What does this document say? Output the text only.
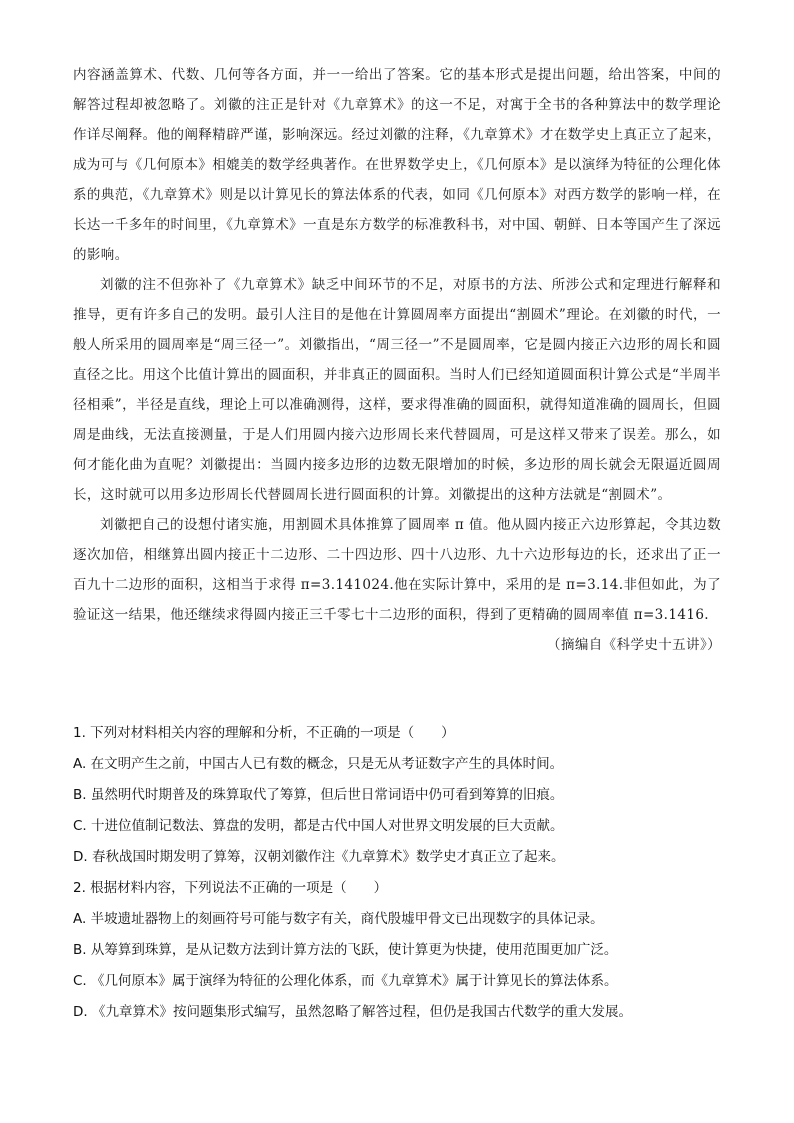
内容涵盖算术、代数、几何等各方面，并一一给出了答案。它的基本形式是提出问题，给出答案，中间的解答过程却被忽略了。刘徽的注正是针对《九章算术》的这一不足，对寓于全书的各种算法中的数学理论作详尽阐释。他的阐释精辟严谨，影响深远。经过刘徽的注释，《九章算术》才在数学史上真正立了起来，成为可与《几何原本》相媲美的数学经典著作。在世界数学史上，《几何原本》是以演绎为特征的公理化体系的典范，《九章算术》则是以计算见长的算法体系的代表，如同《几何原本》对西方数学的影响一样，在长达一千多年的时间里，《九章算术》一直是东方数学的标准教科书，对中国、朝鲜、日本等国产生了深远的影响。

刘徽的注不但弥补了《九章算术》缺乏中间环节的不足，对原书的方法、所涉公式和定理进行解释和推导，更有许多自己的发明。最引人注目的是他在计算圆周率方面提出“割圆术”理论。在刘徽的时代，一般人所采用的圆周率是“周三径一”。刘徽指出，“周三径一”不是圆周率，它是圆内接正六边形的周长和圆直径之比。用这个比值计算出的圆面积，并非真正的圆面积。当时人们已经知道圆面积计算公式是“半周半径相乘”，半径是直线，理论上可以准确测得，这样，要求得准确的圆面积，就得知道准确的圆周长，但圆周是曲线，无法直接测量，于是人们用圆内接六边形周长来代替圆周，可是这样又带来了误差。那么，如何才能化曲为直呢？刘徽提出：当圆内接多边形的边数无限增加的时候，多边形的周长就会无限逼近圆周长，这时就可以用多边形周长代替圆周长进行圆面积的计算。刘徽提出的这种方法就是“割圆术”。

刘徽把自己的设想付诸实施，用割圆术具体推算了圆周率 π 值。他从圆内接正六边形算起，令其边数逐次加倍，相继算出圆内接正十二边形、二十四边形、四十八边形、九十六边形每边的长，还求出了正一百九十二边形的面积，这相当于求得 π=3.141024.他在实际计算中，采用的是 π=3.14.非但如此，为了验证这一结果，他还继续求得圆内接正三千零七十二边形的面积，得到了更精确的圆周率值 π=3.1416.

（摘编自《科学史十五讲》）

1. 下列对材料相关内容的理解和分析，不正确的一项是（　　）

A. 在文明产生之前，中国古人已有数的概念，只是无从考证数字产生的具体时间。

B. 虽然明代时期普及的珠算取代了筹算，但后世日常词语中仍可看到筹算的旧痕。

C. 十进位值制记数法、算盘的发明，都是古代中国人对世界文明发展的巨大贡献。

D. 春秋战国时期发明了算筹，汉朝刘徽作注《九章算术》数学史才真正立了起来。

2. 根据材料内容，下列说法不正确的一项是（　　）

A. 半坡遗址器物上的刻画符号可能与数字有关，商代殷墟甲骨文已出现数字的具体记录。

B. 从筹算到珠算，是从记数方法到计算方法的飞跃，使计算更为快捷，使用范围更加广泛。

C. 《几何原本》属于演绎为特征的公理化体系，而《九章算术》属于计算见长的算法体系。

D. 《九章算术》按问题集形式编写，虽然忽略了解答过程，但仍是我国古代数学的重大发展。
